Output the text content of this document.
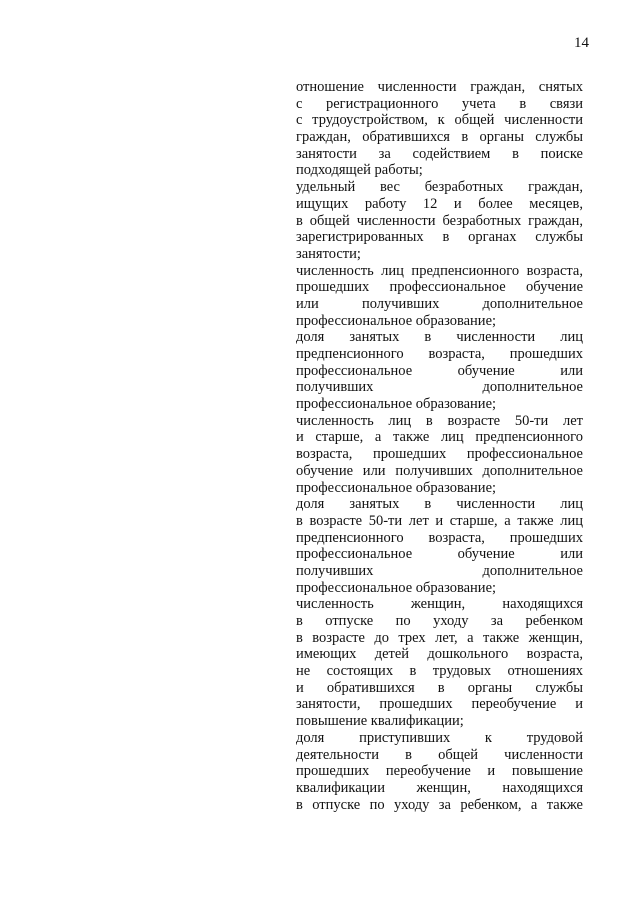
14
отношение численности граждан, снятых
с регистрационного учета в связи
с трудоустройством, к общей численности
граждан, обратившихся в органы службы
занятости за содействием в поиске
подходящей работы;
удельный вес безработных граждан,
ищущих работу 12 и более месяцев,
в общей численности безработных граждан,
зарегистрированных в органах службы
занятости;
численность лиц предпенсионного возраста,
прошедших профессиональное обучение
или получивших дополнительное
профессиональное образование;
доля занятых в численности лиц
предпенсионного возраста, прошедших
профессиональное обучение или
получивших дополнительное
профессиональное образование;
численность лиц в возрасте 50-ти лет
и старше, а также лиц предпенсионного
возраста, прошедших профессиональное
обучение или получивших дополнительное
профессиональное образование;
доля занятых в численности лиц
в возрасте 50-ти лет и старше, а также лиц
предпенсионного возраста, прошедших
профессиональное обучение или
получивших дополнительное
профессиональное образование;
численность женщин, находящихся
в отпуске по уходу за ребенком
в возрасте до трех лет, а также женщин,
имеющих детей дошкольного возраста,
не состоящих в трудовых отношениях
и обратившихся в органы службы
занятости, прошедших переобучение и
повышение квалификации;
доля приступивших к трудовой
деятельности в общей численности
прошедших переобучение и повышение
квалификации женщин, находящихся
в отпуске по уходу за ребенком, а также
